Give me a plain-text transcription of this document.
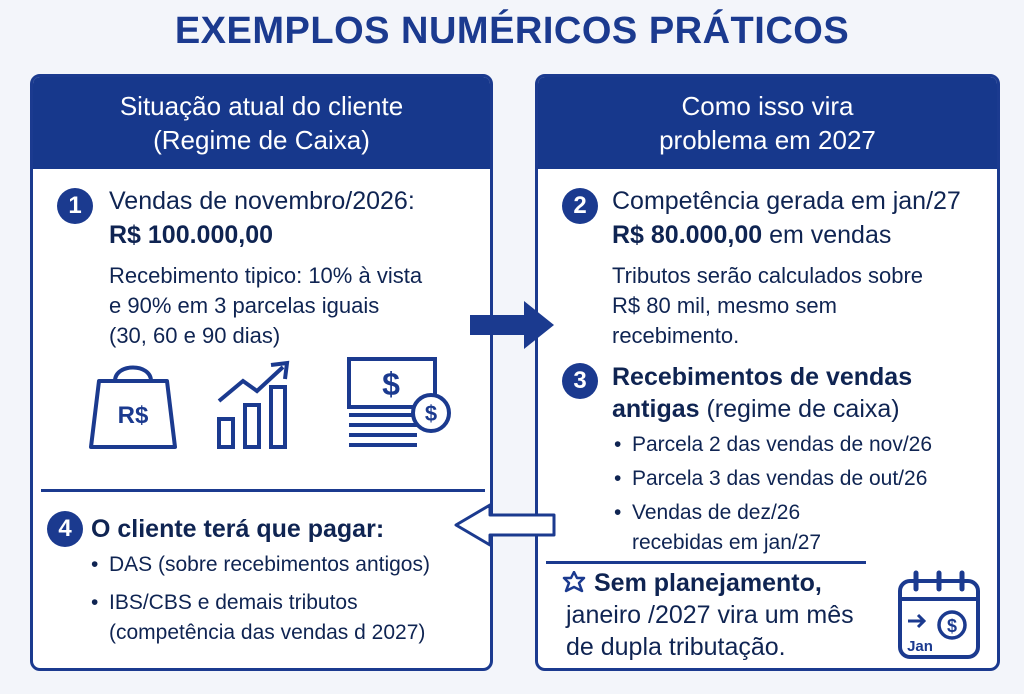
EXEMPLOS NUMÉRICOS PRÁTICOS
Situação atual do cliente
(Regime de Caixa)
1	Vendas de novembro/2026:
R$ 100.000,00
Recebimento tipico: 10% à vista
e 90% em 3 parcelas iguais
(30, 60 e 90 dias)
R$
$
$
4 O cliente terá que pagar:
• DAS (sobre recebimentos antigos)
• IBS/CBS e demais tributos
(competência das vendas d 2027)
Como isso vira
problema em 2027
2	Competência gerada em jan/27
R$ 80.000,00 em vendas
Tributos serão calculados sobre
R$ 80 mil, mesmo sem
recebimento.
3	Recebimentos de vendas
antigas (regime de caixa)
• Parcela 2 das vendas de nov/26
• Parcela 3 das vendas de out/26
• Vendas de dez/26
recebidas em jan/27
Sem planejamento,
janeiro /2027 vira um mês
de dupla tributação.
$
Jan
